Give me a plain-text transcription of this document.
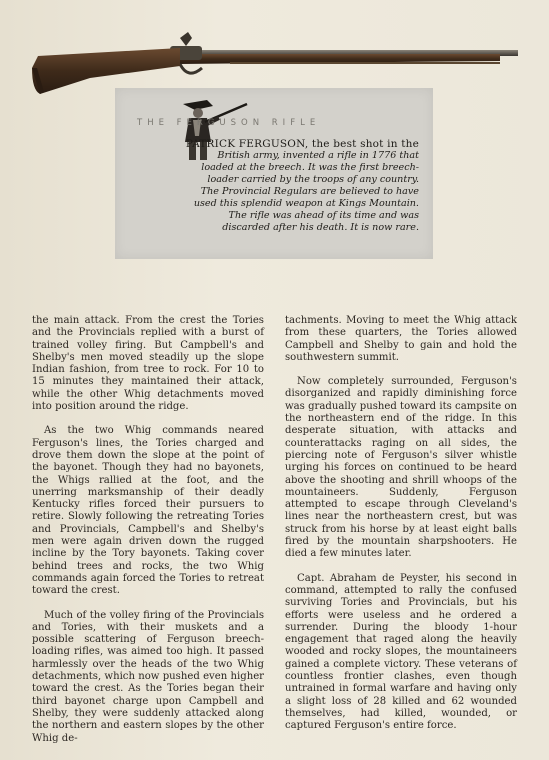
THE FERGUSON RIFLE
PATRICK FERGUSON, the best shot in the
British army, invented a rifle in 1776 that
loaded at the breech. It was the first breech-
loader carried by the troops of any country.
The Provincial Regulars are believed to have
used this splendid weapon at Kings Mountain.
The rifle was ahead of its time and was
discarded after his death. It is now rare.

the main attack. From the crest the Tories and the Provincials replied with a burst of trained volley firing. But Campbell's and Shelby's men moved steadily up the slope Indian fashion, from tree to rock. For 10 to 15 minutes they maintained their attack, while the other Whig detachments moved into position around the ridge.

As the two Whig commands neared Ferguson's lines, the Tories charged and drove them down the slope at the point of the bayonet. Though they had no bayonets, the Whigs rallied at the foot, and the unerring marksmanship of their deadly Kentucky rifles forced their pursuers to retire. Slowly following the retreating Tories and Provincials, Campbell's and Shelby's men were again driven down the rugged incline by the Tory bayonets. Taking cover behind trees and rocks, the two Whig commands again forced the Tories to retreat toward the crest.

Much of the volley firing of the Provincials and Tories, with their muskets and a possible scattering of Ferguson breech-loading rifles, was aimed too high. It passed harmlessly over the heads of the two Whig detachments, which now pushed even higher toward the crest. As the Tories began their third bayonet charge upon Campbell and Shelby, they were suddenly attacked along the northern and eastern slopes by the other Whig de-

tachments. Moving to meet the Whig attack from these quarters, the Tories allowed Campbell and Shelby to gain and hold the southwestern summit.

Now completely surrounded, Ferguson's disorganized and rapidly diminishing force was gradually pushed toward its campsite on the northeastern end of the ridge. In this desperate situation, with attacks and counterattacks raging on all sides, the piercing note of Ferguson's silver whistle urging his forces on continued to be heard above the shooting and shrill whoops of the mountaineers. Suddenly, Ferguson attempted to escape through Cleveland's lines near the northeastern crest, but was struck from his horse by at least eight balls fired by the mountain sharpshooters. He died a few minutes later.

Capt. Abraham de Peyster, his second in command, attempted to rally the confused surviving Tories and Provincials, but his efforts were useless and he ordered a surrender. During the bloody 1-hour engagement that raged along the heavily wooded and rocky slopes, the mountaineers gained a complete victory. These veterans of countless frontier clashes, even though untrained in formal warfare and having only a slight loss of 28 killed and 62 wounded themselves, had killed, wounded, or captured Ferguson's entire force.
